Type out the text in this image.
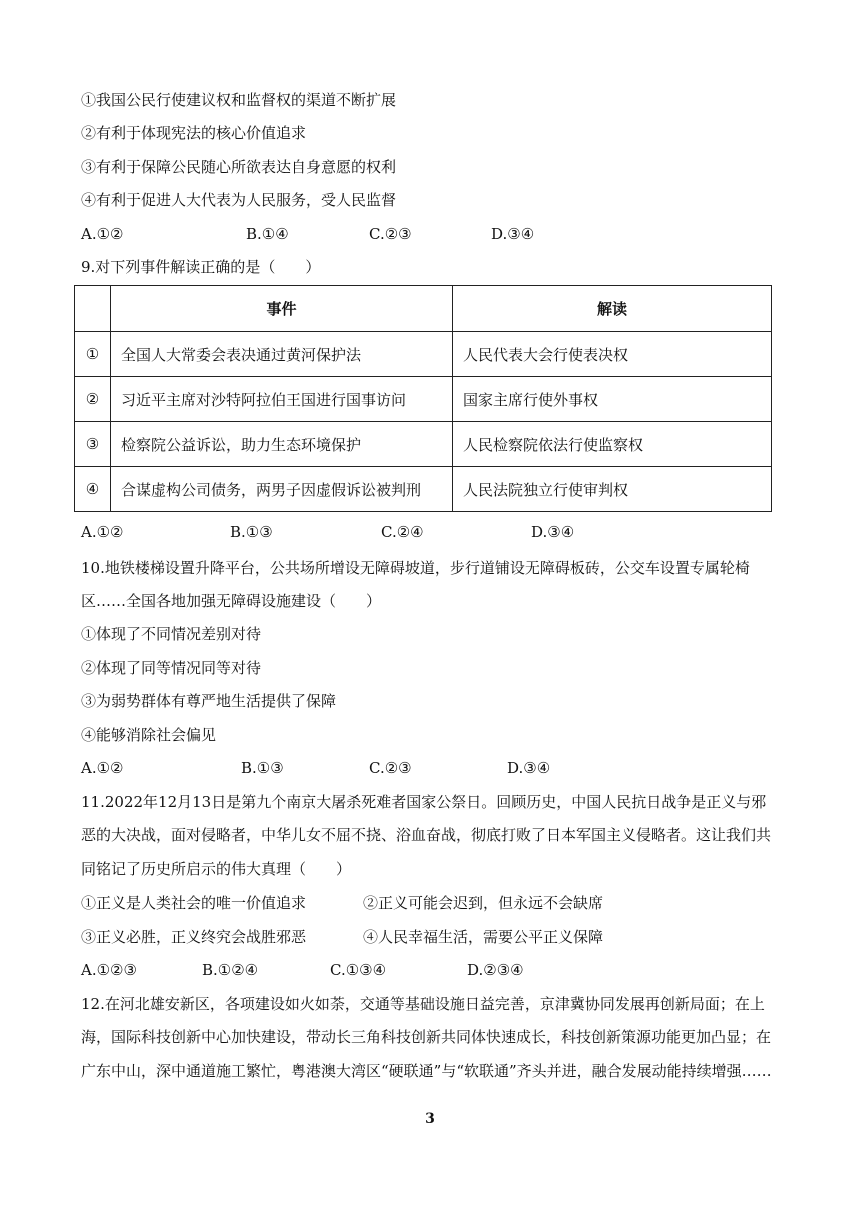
①我国公民行使建议权和监督权的渠道不断扩展
②有利于体现宪法的核心价值追求
③有利于保障公民随心所欲表达自身意愿的权利
④有利于促进人大代表为人民服务，受人民监督
A.①②	B.①④	C.②③	D.③④
9.对下列事件解读正确的是（　　）
	事件	解读
①	全国人大常委会表决通过黄河保护法	人民代表大会行使表决权
②	习近平主席对沙特阿拉伯王国进行国事访问	国家主席行使外事权
③	检察院公益诉讼，助力生态环境保护	人民检察院依法行使监察权
④	合谋虚构公司债务，两男子因虚假诉讼被判刑	人民法院独立行使审判权
A.①②	B.①③	C.②④	D.③④
10.地铁楼梯设置升降平台，公共场所增设无障碍坡道，步行道铺设无障碍板砖，公交车设置专属轮椅
区……全国各地加强无障碍设施建设（　　）
①体现了不同情况差别对待
②体现了同等情况同等对待
③为弱势群体有尊严地生活提供了保障
④能够消除社会偏见
A.①②	B.①③	C.②③	D.③④
11.2022年12月13日是第九个南京大屠杀死难者国家公祭日。回顾历史，中国人民抗日战争是正义与邪
恶的大决战，面对侵略者，中华儿女不屈不挠、浴血奋战，彻底打败了日本军国主义侵略者。这让我们共
同铭记了历史所启示的伟大真理（　　）
①正义是人类社会的唯一价值追求	②正义可能会迟到，但永远不会缺席
③正义必胜，正义终究会战胜邪恶	④人民幸福生活，需要公平正义保障
A.①②③	B.①②④	C.①③④	D.②③④
12.在河北雄安新区，各项建设如火如荼，交通等基础设施日益完善，京津冀协同发展再创新局面；在上
海，国际科技创新中心加快建设，带动长三角科技创新共同体快速成长，科技创新策源功能更加凸显；在
广东中山，深中通道施工繁忙，粤港澳大湾区“硬联通”与“软联通”齐头并进，融合发展动能持续增强……
3
